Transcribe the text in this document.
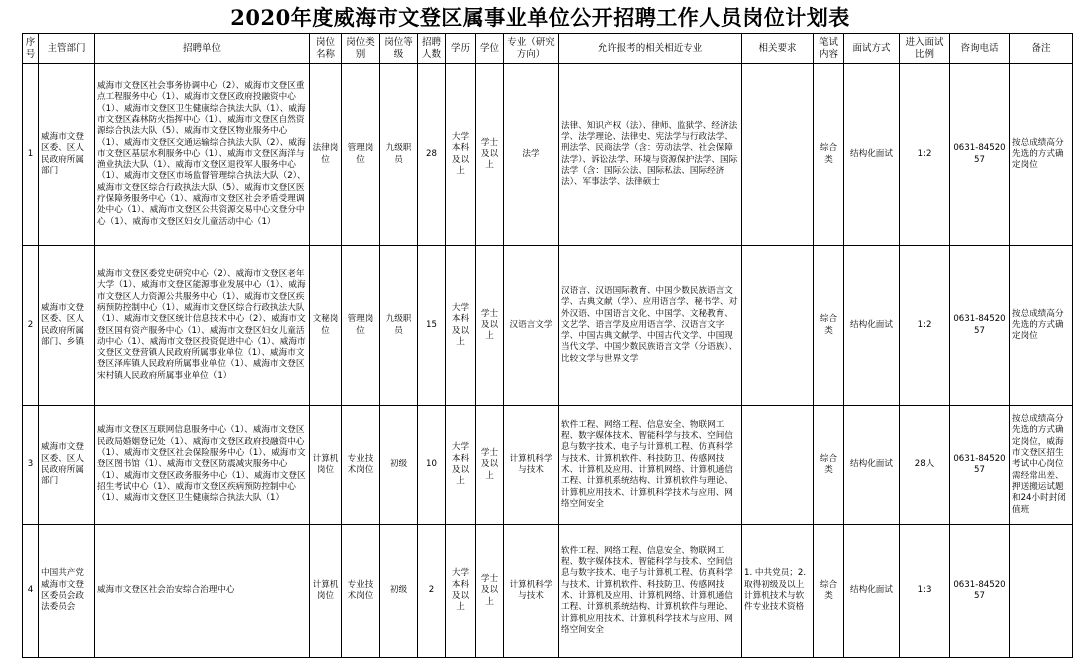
2020年度威海市文登区属事业单位公开招聘工作人员岗位计划表
序号	主管部门	招聘单位	岗位名称	岗位类别	岗位等级	招聘人数	学历	学位	专业（研究方向）	允许报考的相关相近专业	相关要求	笔试内容	面试方式	进入面试比例	咨询电话	备注
1	威海市文登区委、区人民政府所属部门	威海市文登区社会事务协调中心（2）、威海市文登区重点工程服务中心（1）、威海市文登区政府投融资中心（1）、威海市文登区卫生健康综合执法大队（1）、威海市文登区森林防火指挥中心（1）、威海市文登区自然资源综合执法大队（5）、威海市文登区物业服务中心（1）、威海市文登区交通运输综合执法大队（2）、威海市文登区基层水利服务中心（1）、威海市文登区海洋与渔业执法大队（1）、威海市文登区退役军人服务中心（1）、威海市文登区市场监督管理综合执法大队（2）、威海市文登区综合行政执法大队（5）、威海市文登区医疗保障务服务中心（1）、威海市文登区社会矛盾受理调处中心（1）、威海市文登区公共资源交易中心文登分中心（1）、威海市文登区妇女儿童活动中心（1）	法律岗位	管理岗位	九级职员	28	大学本科及以上	学士及以上	法学	法律、知识产权（法）、律师、监狱学、经济法学、法学理论、法律史、宪法学与行政法学、刑法学、民商法学（含：劳动法学、社会保障法学）、诉讼法学、环境与资源保护法学、国际法学（含：国际公法、国际私法、国际经济法）、军事法学、法律硕士		综合类	结构化面试	1:2	0631-8452057	按总成绩高分先选的方式确定岗位
2	威海市文登区委、区人民政府所属部门、乡镇	威海市文登区委党史研究中心（2）、威海市文登区老年大学（1）、威海市文登区能源事业发展中心（1）、威海市文登区人力资源公共服务中心（1）、威海市文登区疾病预防控制中心（1）、威海市文登区综合行政执法大队（1）、威海市文登区统计信息技术中心（2）、威海市文登区国有资产服务中心（1）、威海市文登区妇女儿童活动中心（1）、威海市文登区投资促进中心（1）、威海市文登区文登营镇人民政府所属事业单位（1）、威海市文登区泽库镇人民政府所属事业单位（1）、威海市文登区宋村镇人民政府所属事业单位（1）	文秘岗位	管理岗位	九级职员	15	大学本科及以上	学士及以上	汉语言文学	汉语言、汉语国际教育、中国少数民族语言文学、古典文献（学）、应用语言学、秘书学、对外汉语、中国语言文化、中国学、文秘教育、文艺学、语言学及应用语言学、汉语言文字学、中国古典文献学、中国古代文学、中国现当代文学、中国少数民族语言文学（分语族）、比较文学与世界文学		综合类	结构化面试	1:2	0631-8452057	按总成绩高分先选的方式确定岗位
3	威海市文登区委、区人民政府所属部门	威海市文登区互联网信息服务中心（1）、威海市文登区民政局婚姻登记处（1）、威海市文登区政府投融资中心（1）、威海市文登区社会保险服务中心（1）、威海市文登区图书馆（1）、威海市文登区防震减灾服务中心（1）、威海市文登区政务服务中心（1）、威海市文登区招生考试中心（1）、威海市文登区疾病预防控制中心（1）、威海市文登区卫生健康综合执法大队（1）	计算机岗位	专业技术岗位	初级	10	大学本科及以上	学士及以上	计算机科学与技术	软件工程、网络工程、信息安全、物联网工程、数字媒体技术、智能科学与技术、空间信息与数字技术、电子与计算机工程、仿真科学与技术、计算机软件、科技防卫、传感网技术、计算机及应用、计算机网络、计算机通信工程、计算机系统结构、计算机软件与理论、计算机应用技术、计算机科学技术与应用、网络空间安全		综合类	结构化面试	28人	0631-8452057	按总成绩高分先选的方式确定岗位，威海市文登区招生考试中心岗位需经常出差、押送搬运试题和24小时封闭值班
4	中国共产党威海市文登区委员会政法委员会	威海市文登区社会治安综合治理中心	计算机岗位	专业技术岗位	初级	2	大学本科及以上	学士及以上	计算机科学与技术	软件工程、网络工程、信息安全、物联网工程、数字媒体技术、智能科学与技术、空间信息与数字技术、电子与计算机工程、仿真科学与技术、计算机软件、科技防卫、传感网技术、计算机及应用、计算机网络、计算机通信工程、计算机系统结构、计算机软件与理论、计算机应用技术、计算机科学技术与应用、网络空间安全	1. 中共党员；2. 取得初级及以上计算机技术与软件专业技术资格	综合类	结构化面试	1:3	0631-8452057	
